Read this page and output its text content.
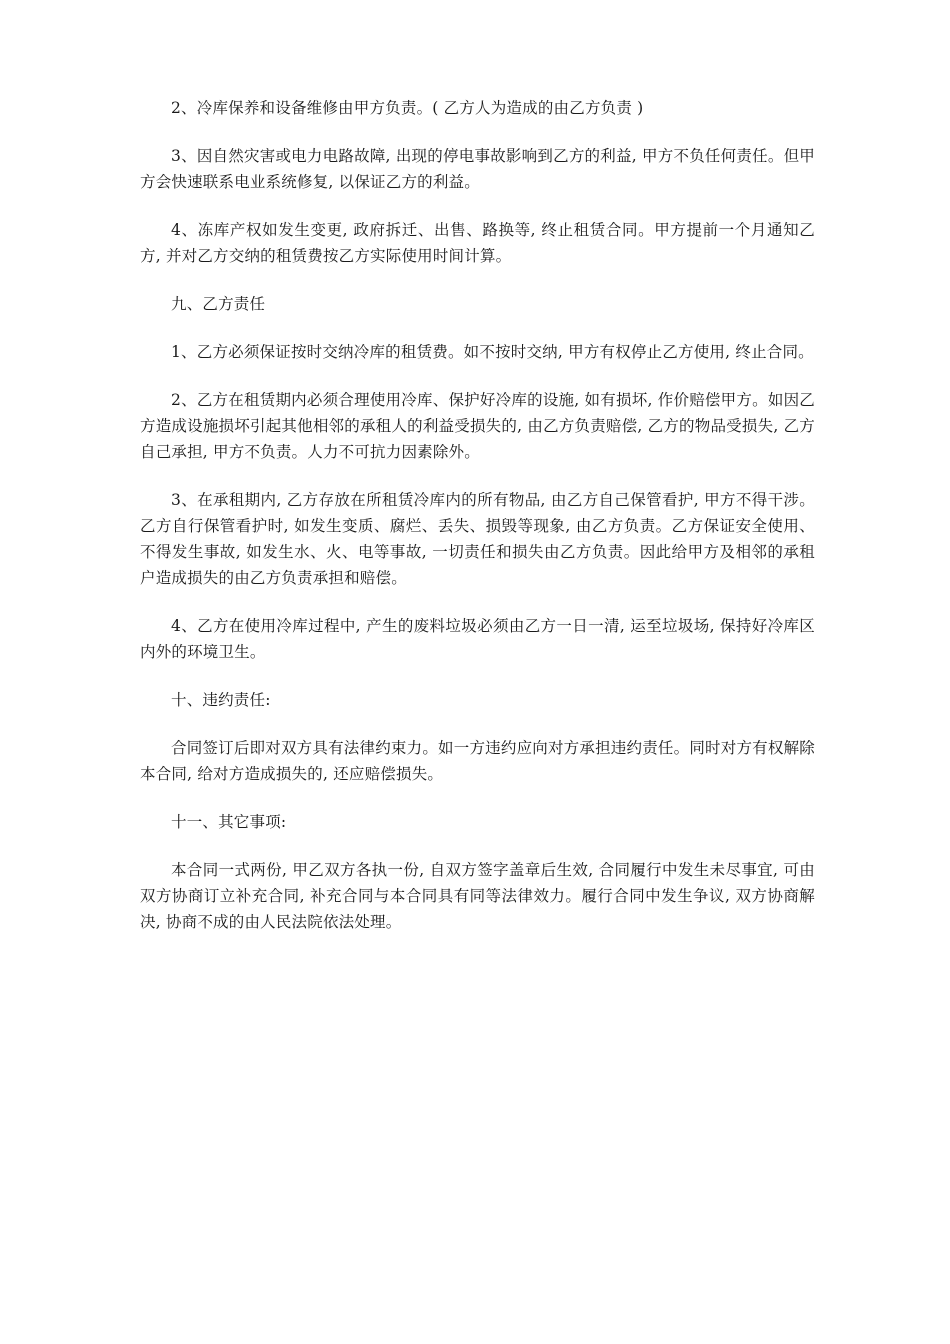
2、冷库保养和设备维修由甲方负责。( 乙方人为造成的由乙方负责 )

3、因自然灾害或电力电路故障, 出现的停电事故影响到乙方的利益, 甲方不负任何责任。但甲方会快速联系电业系统修复, 以保证乙方的利益。

4、冻库产权如发生变更, 政府拆迁、出售、路换等, 终止租赁合同。甲方提前一个月通知乙方, 并对乙方交纳的租赁费按乙方实际使用时间计算。

九、乙方责任

1、乙方必须保证按时交纳冷库的租赁费。如不按时交纳, 甲方有权停止乙方使用, 终止合同。

2、乙方在租赁期内必须合理使用冷库、保护好冷库的设施, 如有损坏, 作价赔偿甲方。如因乙方造成设施损坏引起其他相邻的承租人的利益受损失的, 由乙方负责赔偿, 乙方的物品受损失, 乙方自己承担, 甲方不负责。人力不可抗力因素除外。

3、在承租期内, 乙方存放在所租赁冷库内的所有物品, 由乙方自己保管看护, 甲方不得干涉。乙方自行保管看护时, 如发生变质、腐烂、丢失、损毁等现象, 由乙方负责。乙方保证安全使用、不得发生事故, 如发生水、火、电等事故, 一切责任和损失由乙方负责。因此给甲方及相邻的承租户造成损失的由乙方负责承担和赔偿。

4、乙方在使用冷库过程中, 产生的废料垃圾必须由乙方一日一清, 运至垃圾场, 保持好冷库区内外的环境卫生。

十、违约责任:

合同签订后即对双方具有法律约束力。如一方违约应向对方承担违约责任。同时对方有权解除本合同, 给对方造成损失的, 还应赔偿损失。

十一、其它事项:

本合同一式两份, 甲乙双方各执一份, 自双方签字盖章后生效, 合同履行中发生未尽事宜, 可由双方协商订立补充合同, 补充合同与本合同具有同等法律效力。履行合同中发生争议, 双方协商解决, 协商不成的由人民法院依法处理。
